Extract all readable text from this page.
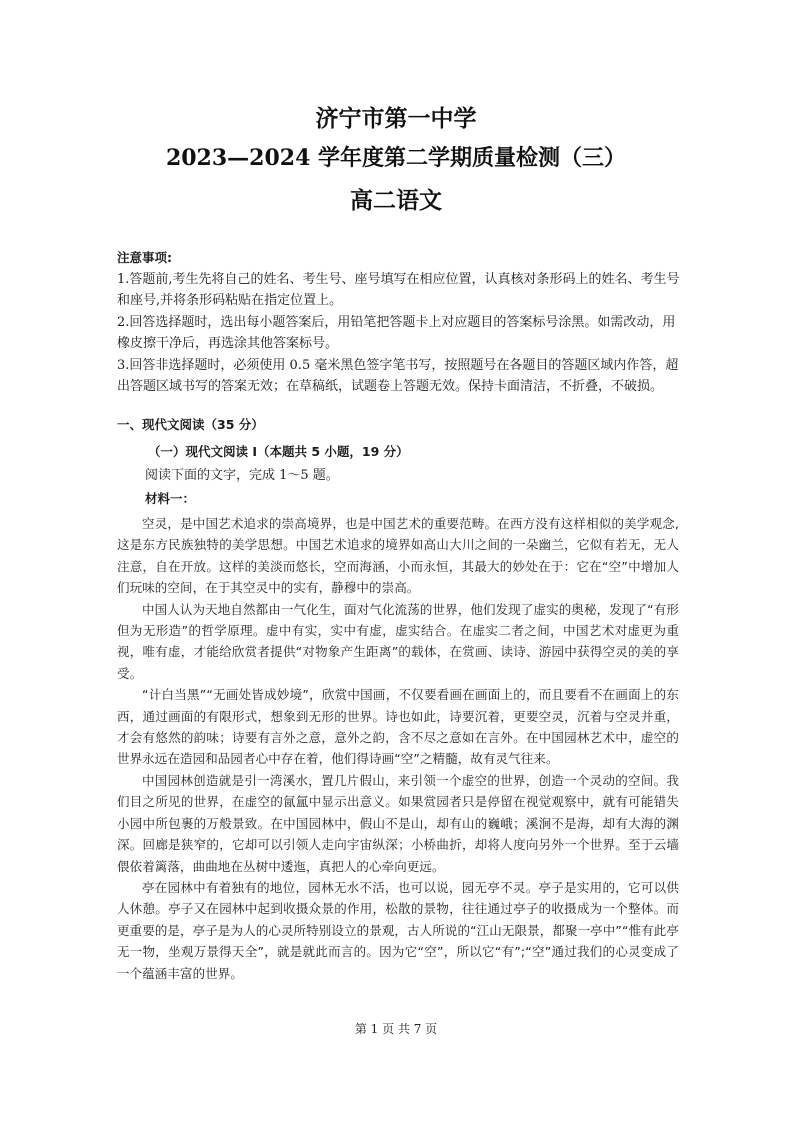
济宁市第一中学
2023—2024 学年度第二学期质量检测（三）
高二语文

注意事项:

1.答题前,考生先将自己的姓名、考生号、座号填写在相应位置，认真核对条形码上的姓名、考生号和座号,并将条形码粘贴在指定位置上。

2.回答选择题时，选出每小题答案后，用铅笔把答题卡上对应题目的答案标号涂黑。如需改动，用橡皮擦干净后，再选涂其他答案标号。

3.回答非选择题时，必须使用 0.5 毫米黑色签字笔书写，按照题号在各题目的答题区域内作答，超出答题区域书写的答案无效；在草稿纸，试题卷上答题无效。保持卡面清洁，不折叠，不破损。

一、现代文阅读（35 分）
（一）现代文阅读 I（本题共 5 小题，19 分）
阅读下面的文字，完成 1～5 题。
材料一：

空灵，是中国艺术追求的崇高境界，也是中国艺术的重要范畴。在西方没有这样相似的美学观念,这是东方民族独特的美学思想。中国艺术追求的境界如高山大川之间的一朵幽兰，它似有若无，无人注意，自在开放。这样的美淡而悠长，空而海涵，小而永恒，其最大的妙处在于：它在“空”中增加人们玩味的空间，在于其空灵中的实有，静穆中的崇高。

中国人认为天地自然都由一气化生，面对气化流荡的世界，他们发现了虚实的奥秘，发现了“有形但为无形造”的哲学原理。虚中有实，实中有虚，虚实结合。在虚实二者之间，中国艺术对虚更为重视，唯有虚，才能给欣赏者提供“对物象产生距离”的载体，在赏画、读诗、游园中获得空灵的美的享受。

“计白当黑”“无画处皆成妙境”，欣赏中国画，不仅要看画在画面上的，而且要看不在画面上的东西，通过画面的有限形式，想象到无形的世界。诗也如此，诗要沉着，更要空灵，沉着与空灵并重，才会有悠然的韵味；诗要有言外之意，意外之韵，含不尽之意如在言外。在中国园林艺术中，虚空的世界永远在造园和品园者心中存在着，他们得诗画“空”之精髓，故有灵气往来。

中国园林创造就是引一湾溪水，置几片假山，来引领一个虚空的世界，创造一个灵动的空间。我们目之所见的世界，在虚空的氤氲中显示出意义。如果赏园者只是停留在视觉观察中，就有可能错失小园中所包裹的万般景致。在中国园林中，假山不是山，却有山的巍峨；溪涧不是海，却有大海的渊深。回廊是狭窄的，它却可以引领人走向宇宙纵深；小桥曲折，却将人度向另外一个世界。至于云墙偎依着篱落，曲曲地在丛树中逶迤，真把人的心牵向更远。

亭在园林中有着独有的地位，园林无水不活，也可以说，园无亭不灵。亭子是实用的，它可以供人休憩。亭子又在园林中起到收摄众景的作用，松散的景物，往往通过亭子的收摄成为一个整体。而更重要的是，亭子是为人的心灵所特别设立的景观，古人所说的“江山无限景，都聚一亭中”“惟有此亭无一物，坐观万景得天全”，就是就此而言的。因为它“空”，所以它“有”;“空”通过我们的心灵变成了一个蕴涵丰富的世界。

第 1 页 共 7 页
